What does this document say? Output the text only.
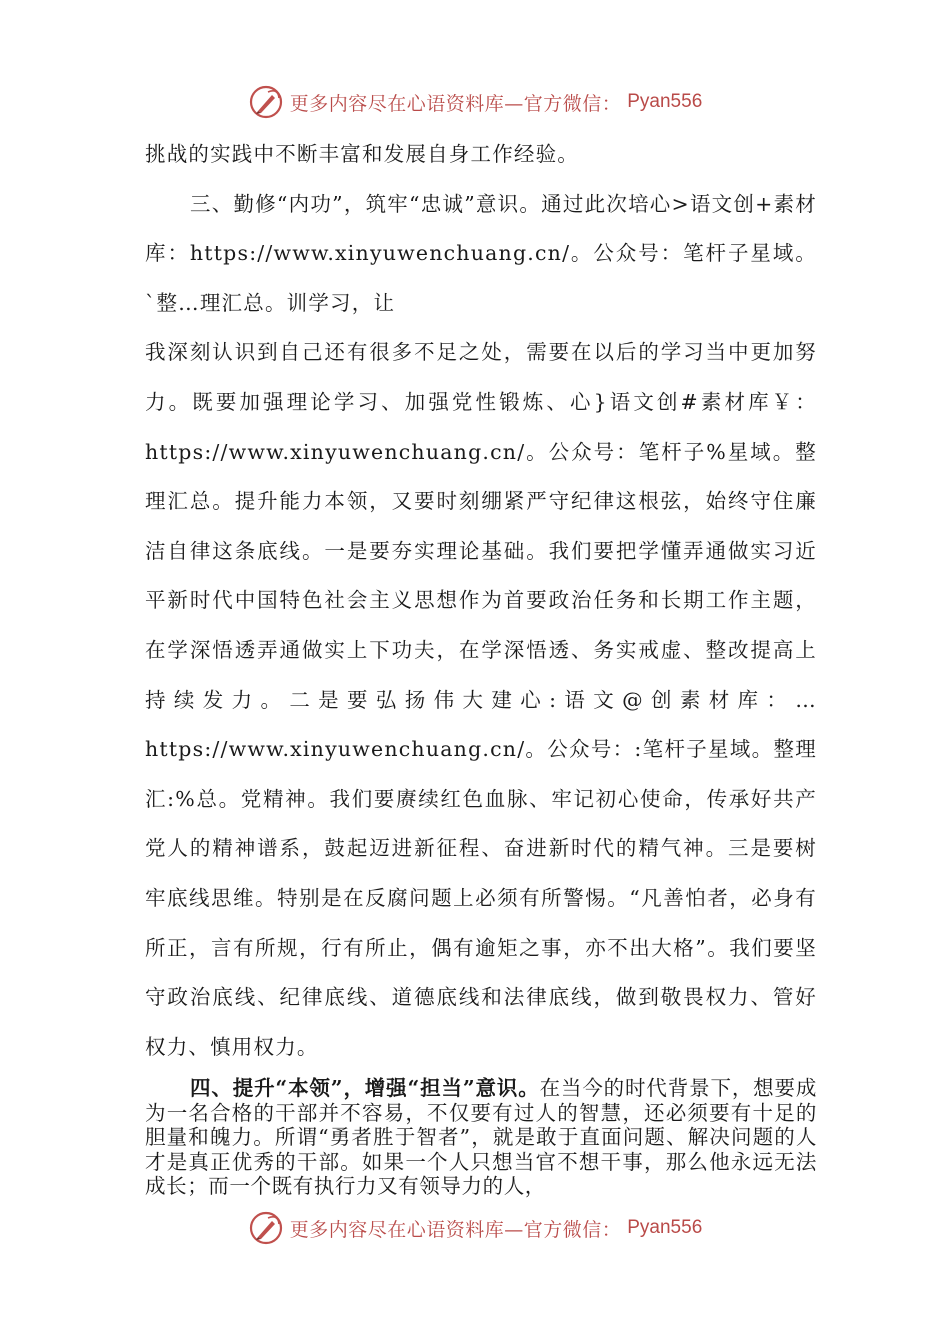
更多内容尽在心语资料库—官方微信： Pyan556

挑战的实践中不断丰富和发展自身工作经验。

三、勤修“内功”，筑牢“忠诚”意识。通过此次培心>语文创+素材库：https://www.xinyuwenchuang.cn/。公众号：笔杆子星域。`整…理汇总。训学习，让

我深刻认识到自己还有很多不足之处，需要在以后的学习当中更加努力。既要加强理论学习、加强党性锻炼、心}语文创#素材库￥：https://www.xinyuwenchuang.cn/。公众号：笔杆子%星域。整理汇总。提升能力本领，又要时刻绷紧严守纪律这根弦，始终守住廉洁自律这条底线。一是要夯实理论基础。我们要把学懂弄通做实习近平新时代中国特色社会主义思想作为首要政治任务和长期工作主题，在学深悟透弄通做实上下功夫，在学深悟透、务实戒虚、整改提高上持续发力。二是要弘扬伟大建心:语文@创素材库：…https://www.xinyuwenchuang.cn/。公众号：:笔杆子星域。整理汇:%总。党精神。我们要赓续红色血脉、牢记初心使命，传承好共产党人的精神谱系，鼓起迈进新征程、奋进新时代的精气神。三是要树牢底线思维。特别是在反腐问题上必须有所警惕。“凡善怕者，必身有所正，言有所规，行有所止，偶有逾矩之事，亦不出大格”。我们要坚守政治底线、纪律底线、道德底线和法律底线，做到敬畏权力、管好权力、慎用权力。

四、提升“本领”，增强“担当”意识。在当今的时代背景下，想要成为一名合格的干部并不容易，不仅要有过人的智慧，还必须要有十足的胆量和魄力。所谓“勇者胜于智者”，就是敢于直面问题、解决问题的人才是真正优秀的干部。如果一个人只想当官不想干事，那么他永远无法成长；而一个既有执行力又有领导力的人，

更多内容尽在心语资料库—官方微信： Pyan556
